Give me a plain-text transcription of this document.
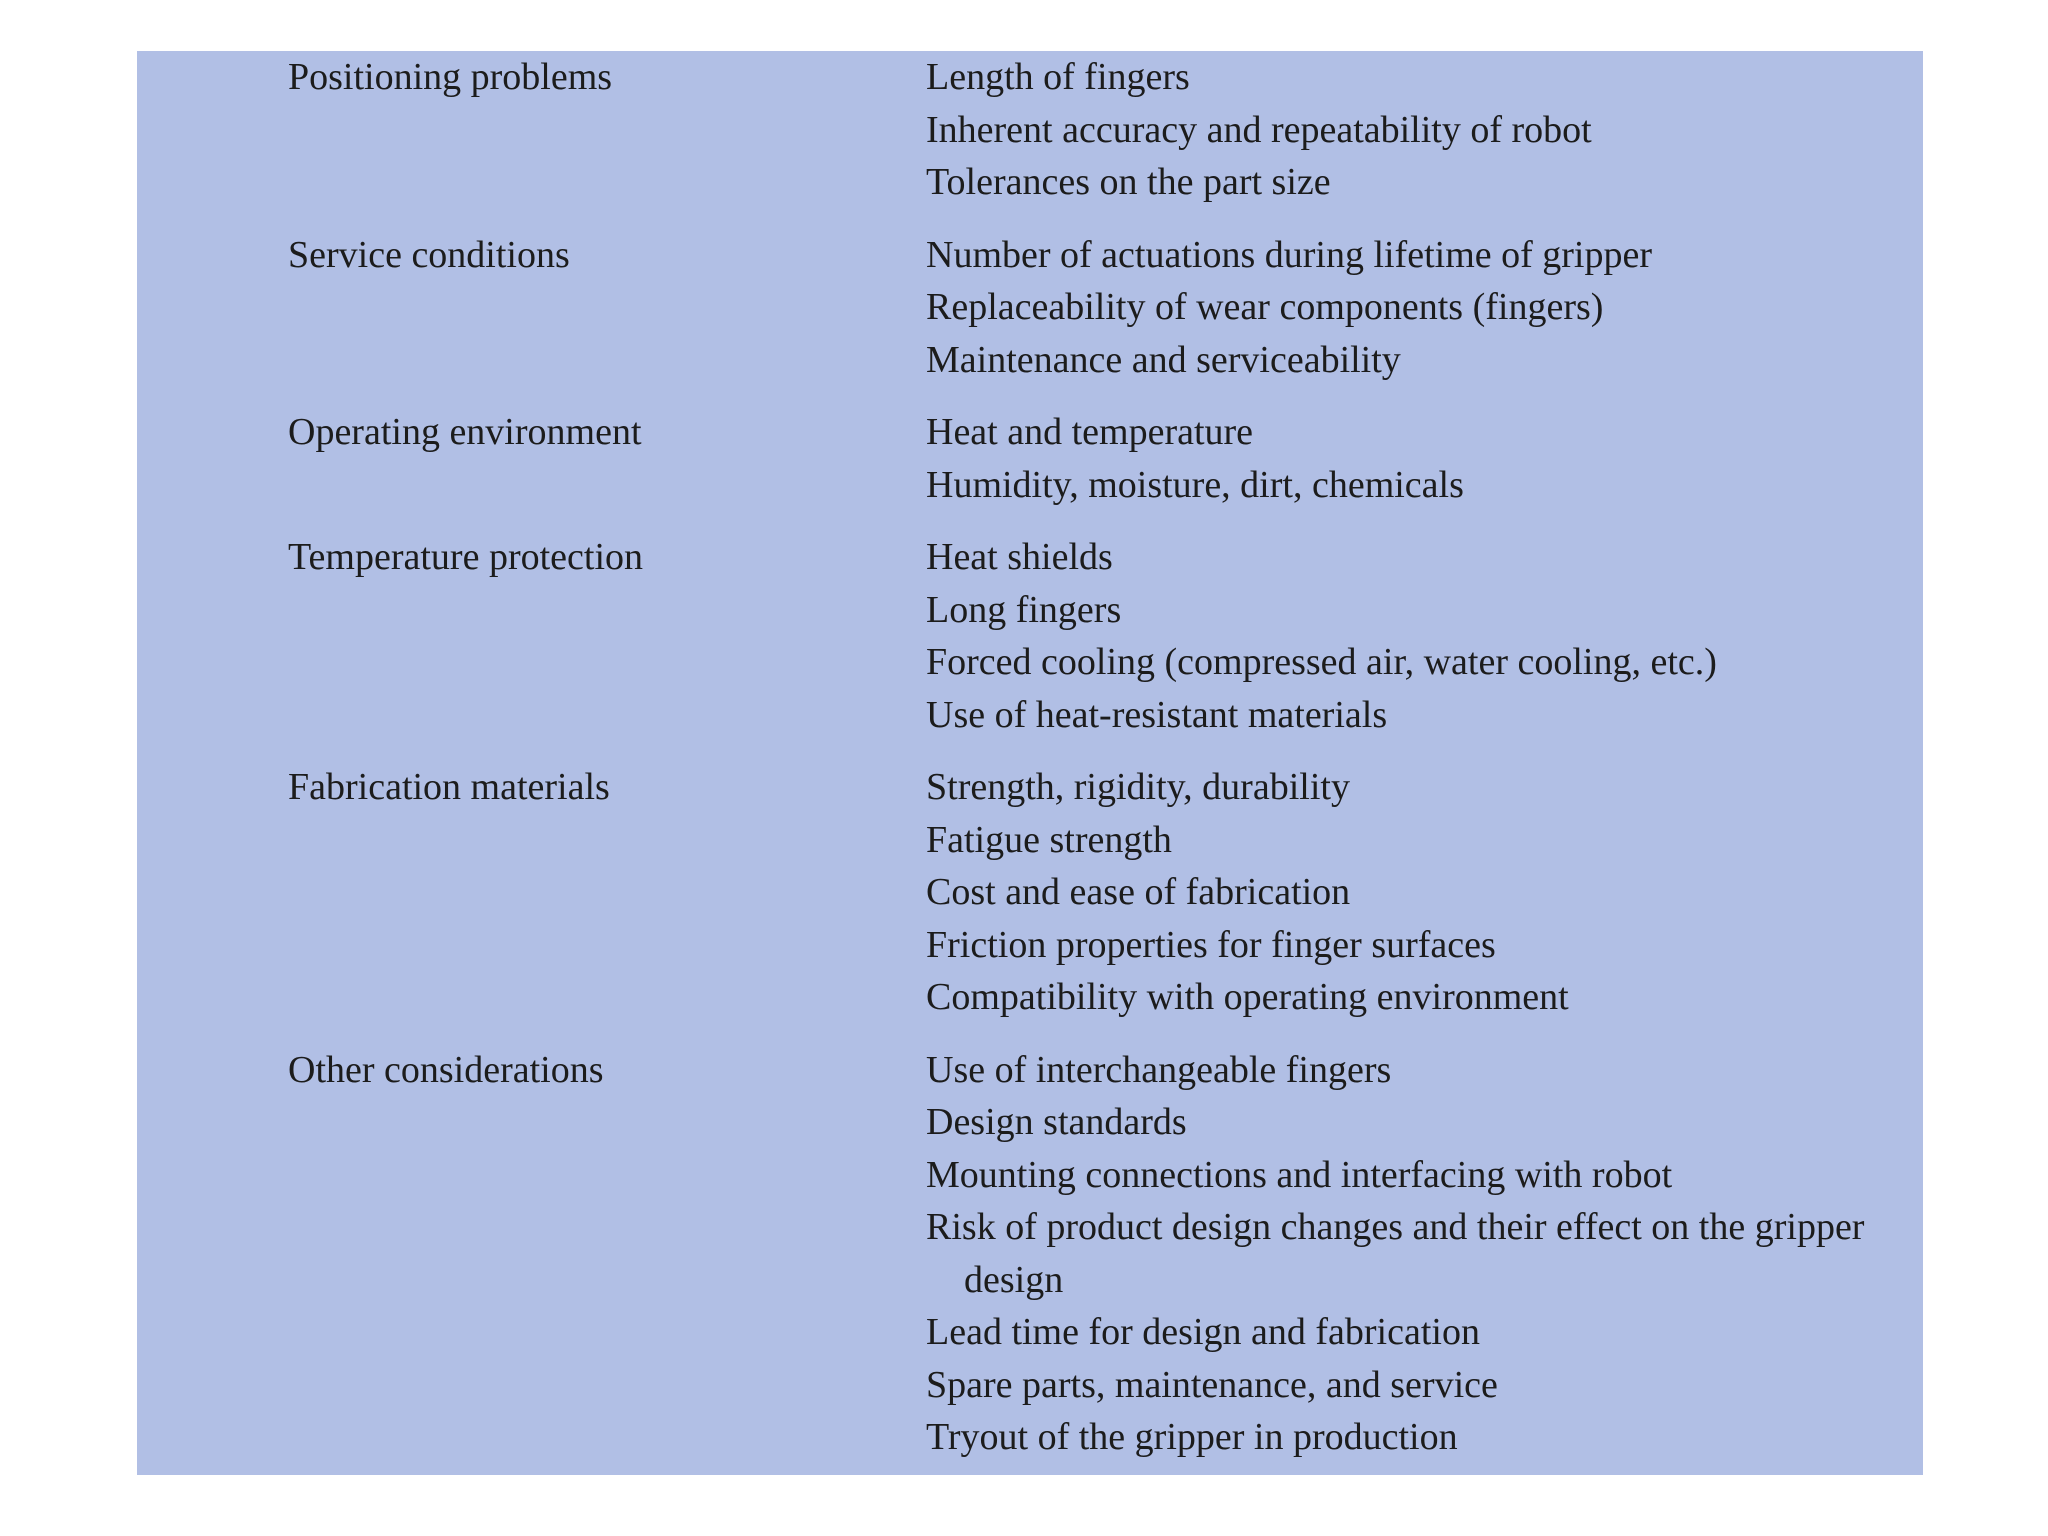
Positioning problems	Length of fingers
Inherent accuracy and repeatability of robot
Tolerances on the part size
Service conditions	Number of actuations during lifetime of gripper
Replaceability of wear components (fingers)
Maintenance and serviceability
Operating environment	Heat and temperature
Humidity, moisture, dirt, chemicals
Temperature protection	Heat shields
Long fingers
Forced cooling (compressed air, water cooling, etc.)
Use of heat-resistant materials
Fabrication materials	Strength, rigidity, durability
Fatigue strength
Cost and ease of fabrication
Friction properties for finger surfaces
Compatibility with operating environment
Other considerations	Use of interchangeable fingers
Design standards
Mounting connections and interfacing with robot
Risk of product design changes and their effect on the gripper design
Lead time for design and fabrication
Spare parts, maintenance, and service
Tryout of the gripper in production
